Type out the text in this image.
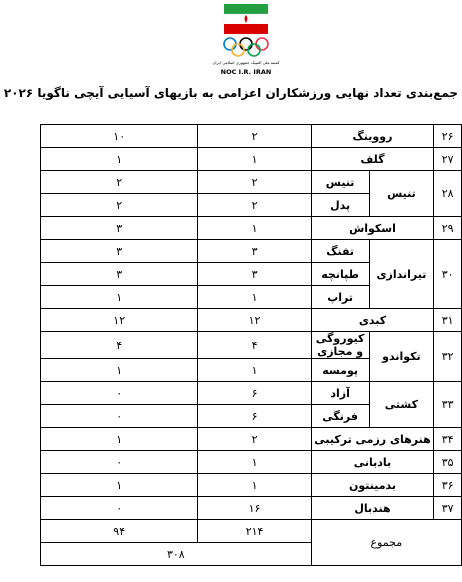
کمیته ملی المپیک جمهوری اسلامی ایران
NOC I.R. IRAN
جمع‌بندی تعداد نهایی ورزشکاران اعزامی به بازیهای آسیایی آیچی ناگویا ۲۰۲۶
۲۶	رووینگ		۲	۱۰
۲۷	گلف		۱	۱
۲۸	تنیس	تنیس	۲	۲
		پدل	۲	۲
۲۹	اسکواش		۱	۳
۳۰	تیراندازی	تفنگ	۳	۳
		طپانچه	۳	۳
		تراپ	۱	۱
۳۱	کبدی		۱۲	۱۲
۳۲	تکواندو	کیوروگی و مجازی	۴	۴
		پومسه	۱	۱
۳۳	کشتی	آزاد	۶	۰
		فرنگی	۶	۰
۳۴	هنرهای رزمی ترکیبی		۲	۱
۳۵	بادبانی		۱	۰
۳۶	بدمینتون		۱	۱
۳۷	هندبال		۱۶	۰
مجموع			۲۱۴	۹۴
			۳۰۸	
